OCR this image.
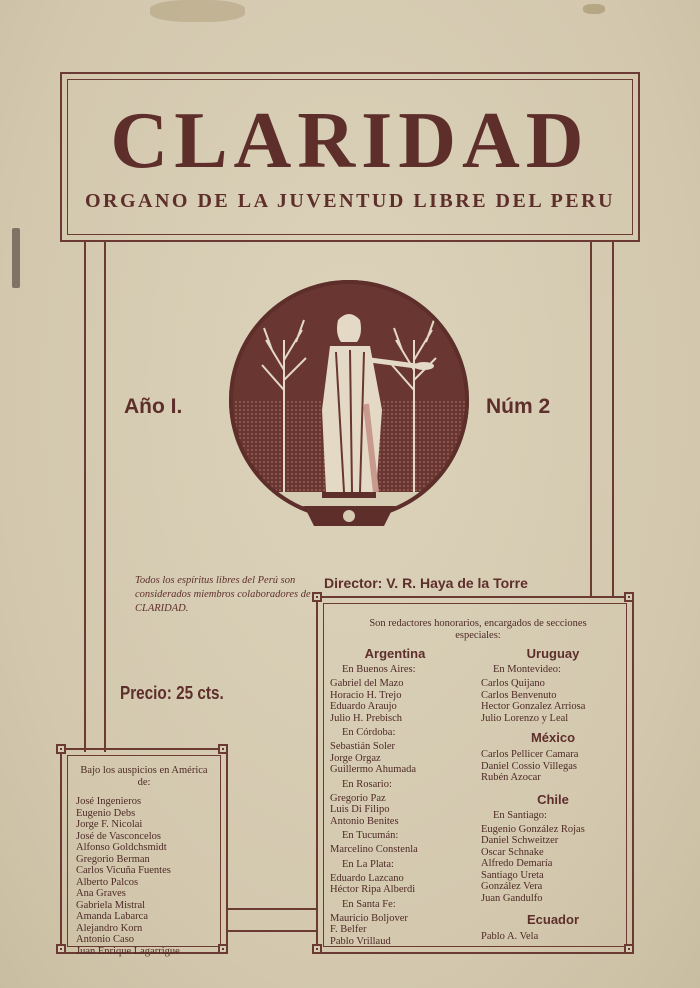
CLARIDAD
ORGANO DE LA JUVENTUD LIBRE DEL PERU
Año I.	Núm 2
Todos los espíritus libres del Perú son considerados miembros colaboradores de CLARIDAD.
Director: V. R. Haya de la Torre
Precio: 25 cts.
Bajo los auspicios en América de:
José Ingenieros
Eugenio Debs
Jorge F. Nicolai
José de Vasconcelos
Alfonso Goldchsmidt
Gregorio Berman
Carlos Vicuña Fuentes
Alberto Palcos
Ana Graves
Gabriela Mistral
Amanda Labarca
Alejandro Korn
Antonio Caso
Juan Enrique Lagarrigue
Son redactores honorarios, encargados de secciones especiales:
Argentina
En Buenos Aires:
Gabriel del Mazo
Horacio H. Trejo
Eduardo Araujo
Julio H. Prebisch
En Córdoba:
Sebastián Soler
Jorge Orgaz
Guillermo Ahumada
En Rosario:
Gregorio Paz
Luis Di Filipo
Antonio Benites
En Tucumán:
Marcelino Constenla
En La Plata:
Eduardo Lazcano
Héctor Ripa Alberdi
En Santa Fe:
Mauricio Boljover
F. Belfer
Pablo Vrillaud
Uruguay
En Montevideo:
Carlos Quijano
Carlos Benvenuto
Hector Gonzalez Arriosa
Julio Lorenzo y Leal
México
Carlos Pellicer Camara
Daniel Cossio Villegas
Rubén Azocar
Chile
En Santiago:
Eugenio González Rojas
Daniel Schweitzer
Oscar Schnake
Alfredo Demaría
Santiago Ureta
González Vera
Juan Gandulfo
Ecuador
Pablo A. Vela
